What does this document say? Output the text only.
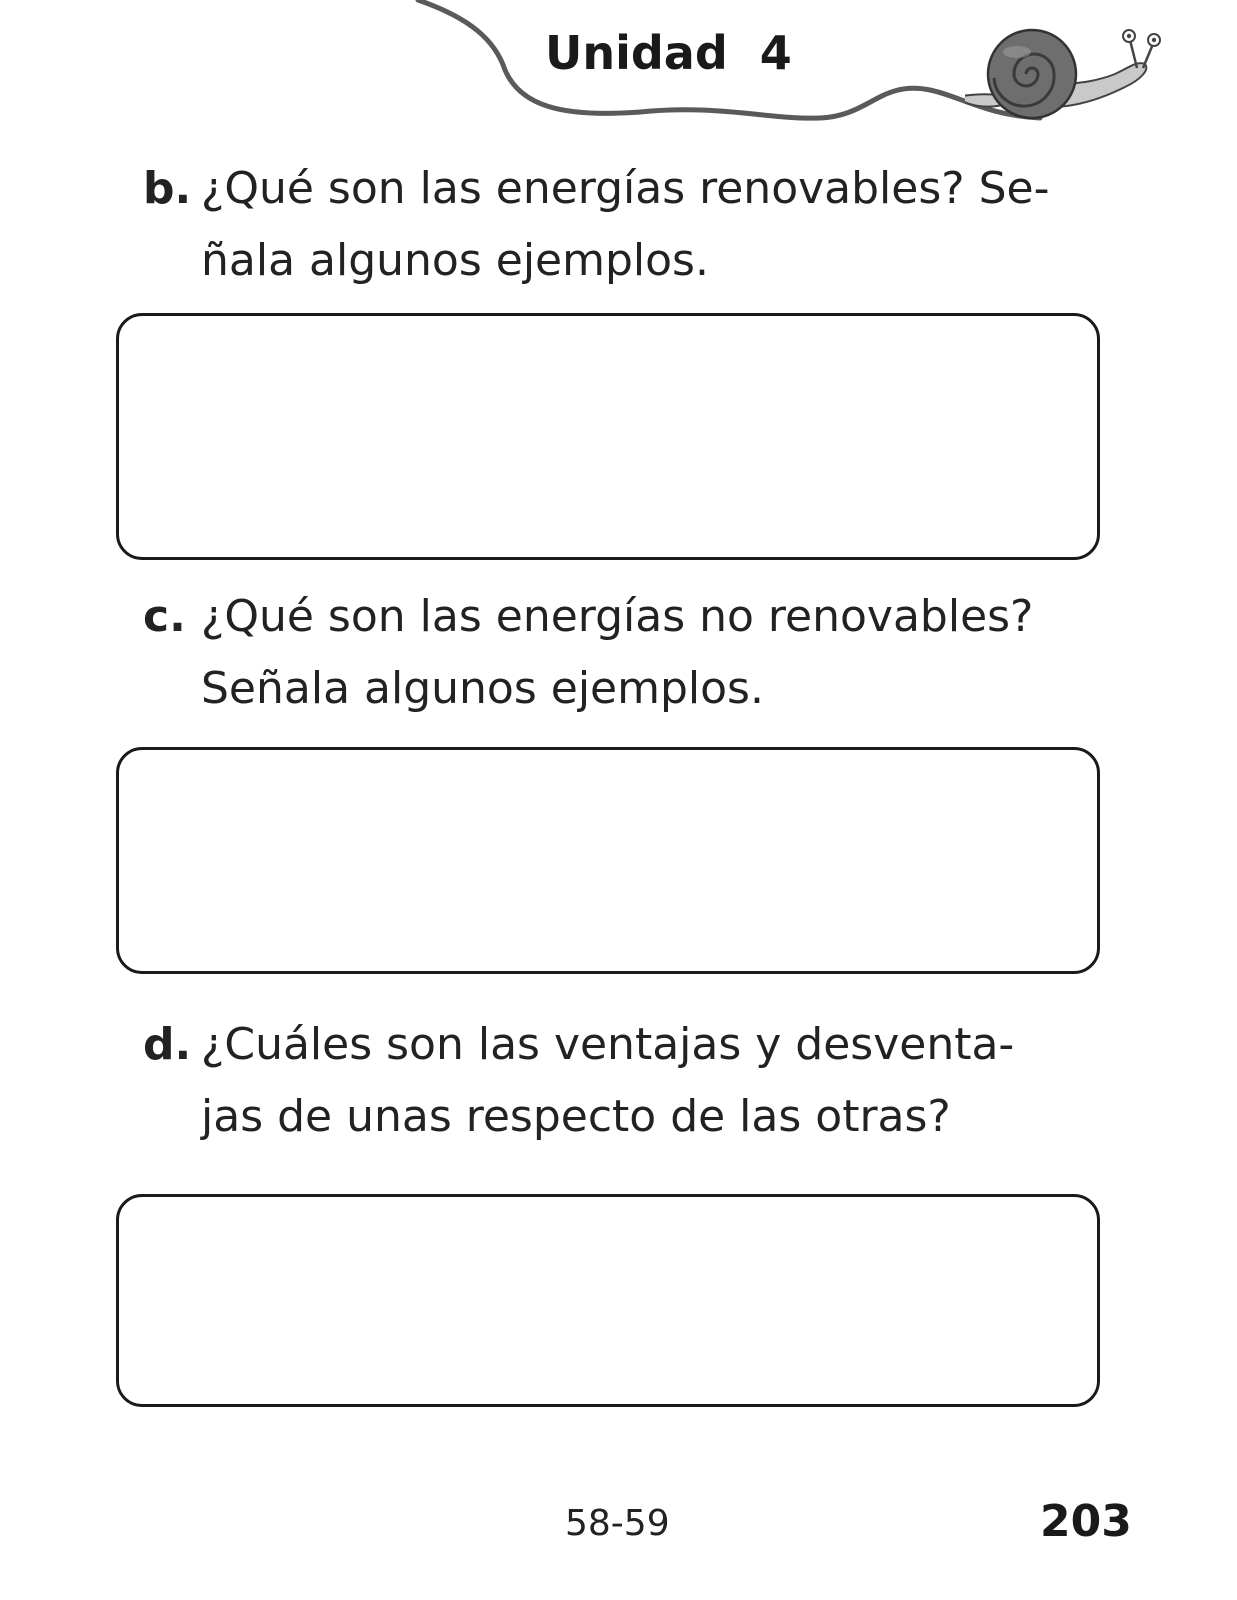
Unidad  4
b. ¿Qué son las energías renovables? Se-
ñala algunos ejemplos.
c. ¿Qué son las energías no renovables?
Señala algunos ejemplos.
d. ¿Cuáles son las ventajas y desventa-
jas de unas respecto de las otras?
58-59	203
